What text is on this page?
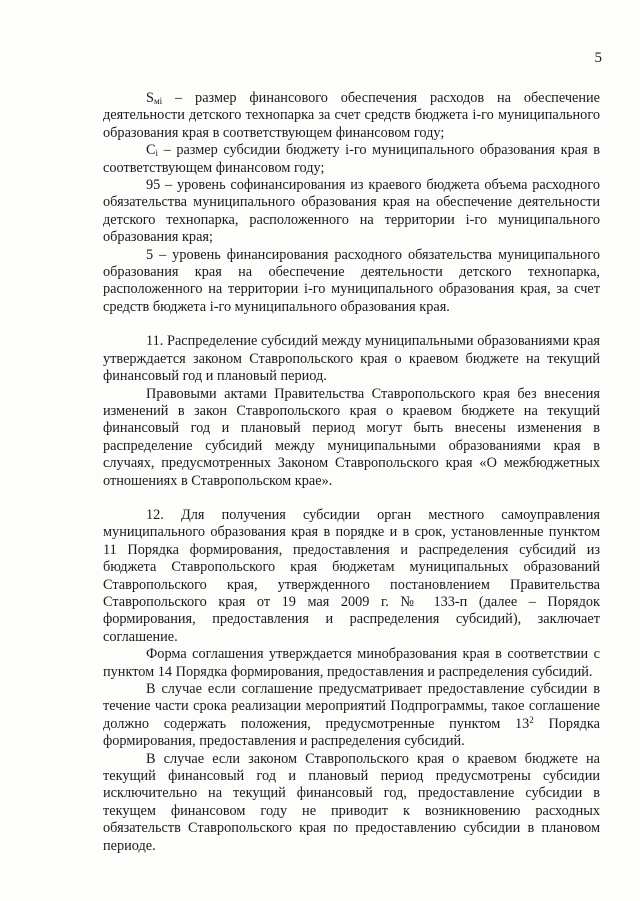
5

$S_{мi}$ – размер финансового обеспечения расходов на обеспечение деятельности детского технопарка за счет средств бюджета i-го муниципального образования края в соответствующем финансовом году;

$С_i$ – размер субсидии бюджету i-го муниципального образования края в соответствующем финансовом году;

95 – уровень софинансирования из краевого бюджета объема расходного обязательства муниципального образования края на обеспечение деятельности детского технопарка, расположенного на территории i-го муниципального образования края;

5 – уровень финансирования расходного обязательства муниципального образования края на обеспечение деятельности детского технопарка, расположенного на территории i-го муниципального образования края, за счет средств бюджета i-го муниципального образования края.

11. Распределение субсидий между муниципальными образованиями края утверждается законом Ставропольского края о краевом бюджете на текущий финансовый год и плановый период.

Правовыми актами Правительства Ставропольского края без внесения изменений в закон Ставропольского края о краевом бюджете на текущий финансовый год и плановый период могут быть внесены изменения в распределение субсидий между муниципальными образованиями края в случаях, предусмотренных Законом Ставропольского края «О межбюджетных отношениях в Ставропольском крае».

12. Для получения субсидии орган местного самоуправления муниципального образования края в порядке и в срок, установленные пунктом 11 Порядка формирования, предоставления и распределения субсидий из бюджета Ставропольского края бюджетам муниципальных образований Ставропольского края, утвержденного постановлением Правительства Ставропольского края от 19 мая 2009 г. № 133-п (далее – Порядок формирования, предоставления и распределения субсидий), заключает соглашение.

Форма соглашения утверждается минобразования края в соответствии с пунктом 14 Порядка формирования, предоставления и распределения субсидий.

В случае если соглашение предусматривает предоставление субсидии в течение части срока реализации мероприятий Подпрограммы, такое соглашение должно содержать положения, предусмотренные пунктом $13^2$ Порядка формирования, предоставления и распределения субсидий.

В случае если законом Ставропольского края о краевом бюджете на текущий финансовый год и плановый период предусмотрены субсидии исключительно на текущий финансовый год, предоставление субсидии в текущем финансовом году не приводит к возникновению расходных обязательств Ставропольского края по предоставлению субсидии в плановом периоде.
